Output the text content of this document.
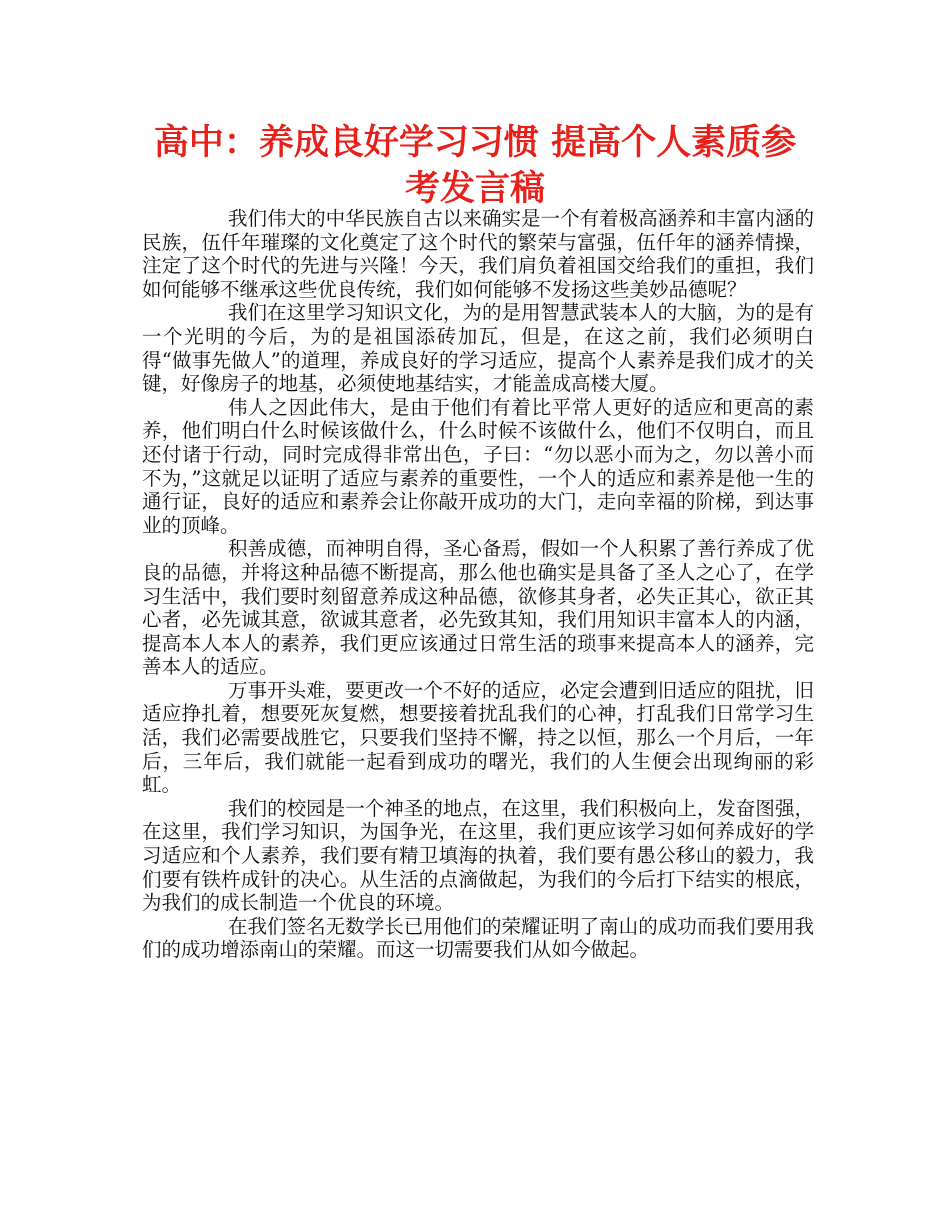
高中：养成良好学习习惯 提高个人素质参考发言稿

我们伟大的中华民族自古以来确实是一个有着极高涵养和丰富内涵的民族，伍仟年璀璨的文化奠定了这个时代的繁荣与富强，伍仟年的涵养情操，注定了这个时代的先进与兴隆！今天，我们肩负着祖国交给我们的重担，我们如何能够不继承这些优良传统，我们如何能够不发扬这些美妙品德呢？

我们在这里学习知识文化，为的是用智慧武装本人的大脑，为的是有一个光明的今后，为的是祖国添砖加瓦，但是，在这之前，我们必须明白得“做事先做人”的道理，养成良好的学习适应，提高个人素养是我们成才的关键，好像房子的地基，必须使地基结实，才能盖成高楼大厦。

伟人之因此伟大，是由于他们有着比平常人更好的适应和更高的素养，他们明白什么时候该做什么，什么时候不该做什么，他们不仅明白，而且还付诸于行动，同时完成得非常出色，子曰：“勿以恶小而为之，勿以善小而不为，”这就足以证明了适应与素养的重要性，一个人的适应和素养是他一生的通行证，良好的适应和素养会让你敲开成功的大门，走向幸福的阶梯，到达事业的顶峰。

积善成德，而神明自得，圣心备焉，假如一个人积累了善行养成了优良的品德，并将这种品德不断提高，那么他也确实是具备了圣人之心了，在学习生活中，我们要时刻留意养成这种品德，欲修其身者，必失正其心，欲正其心者，必先诚其意，欲诚其意者，必先致其知，我们用知识丰富本人的内涵，提高本人本人的素养，我们更应该通过日常生活的琐事来提高本人的涵养，完善本人的适应。

万事开头难，要更改一个不好的适应，必定会遭到旧适应的阻扰，旧适应挣扎着，想要死灰复燃，想要接着扰乱我们的心神，打乱我们日常学习生活，我们必需要战胜它，只要我们坚持不懈，持之以恒，那么一个月后，一年后，三年后，我们就能一起看到成功的曙光，我们的人生便会出现绚丽的彩虹。

我们的校园是一个神圣的地点，在这里，我们积极向上，发奋图强，在这里，我们学习知识，为国争光，在这里，我们更应该学习如何养成好的学习适应和个人素养，我们要有精卫填海的执着，我们要有愚公移山的毅力，我们要有铁杵成针的决心。从生活的点滴做起，为我们的今后打下结实的根底，为我们的成长制造一个优良的环境。

在我们签名无数学长已用他们的荣耀证明了南山的成功而我们要用我们的成功增添南山的荣耀。而这一切需要我们从如今做起。
